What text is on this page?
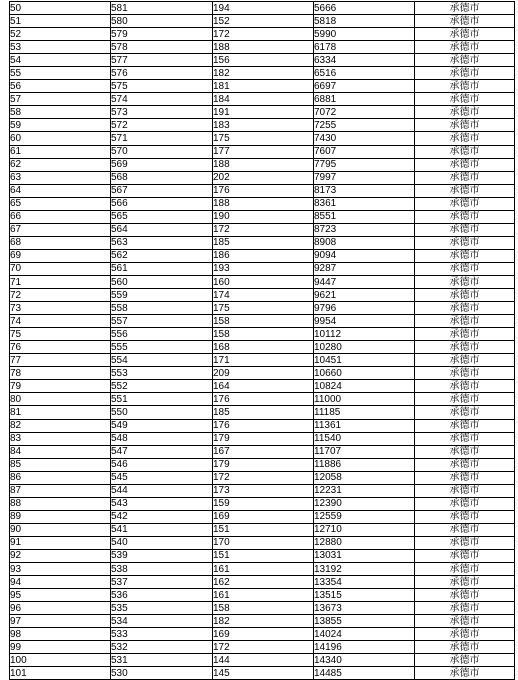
50	581	194	5666	承德市
51	580	152	5818	承德市
52	579	172	5990	承德市
53	578	188	6178	承德市
54	577	156	6334	承德市
55	576	182	6516	承德市
56	575	181	6697	承德市
57	574	184	6881	承德市
58	573	191	7072	承德市
59	572	183	7255	承德市
60	571	175	7430	承德市
61	570	177	7607	承德市
62	569	188	7795	承德市
63	568	202	7997	承德市
64	567	176	8173	承德市
65	566	188	8361	承德市
66	565	190	8551	承德市
67	564	172	8723	承德市
68	563	185	8908	承德市
69	562	186	9094	承德市
70	561	193	9287	承德市
71	560	160	9447	承德市
72	559	174	9621	承德市
73	558	175	9796	承德市
74	557	158	9954	承德市
75	556	158	10112	承德市
76	555	168	10280	承德市
77	554	171	10451	承德市
78	553	209	10660	承德市
79	552	164	10824	承德市
80	551	176	11000	承德市
81	550	185	11185	承德市
82	549	176	11361	承德市
83	548	179	11540	承德市
84	547	167	11707	承德市
85	546	179	11886	承德市
86	545	172	12058	承德市
87	544	173	12231	承德市
88	543	159	12390	承德市
89	542	169	12559	承德市
90	541	151	12710	承德市
91	540	170	12880	承德市
92	539	151	13031	承德市
93	538	161	13192	承德市
94	537	162	13354	承德市
95	536	161	13515	承德市
96	535	158	13673	承德市
97	534	182	13855	承德市
98	533	169	14024	承德市
99	532	172	14196	承德市
100	531	144	14340	承德市
101	530	145	14485	承德市
